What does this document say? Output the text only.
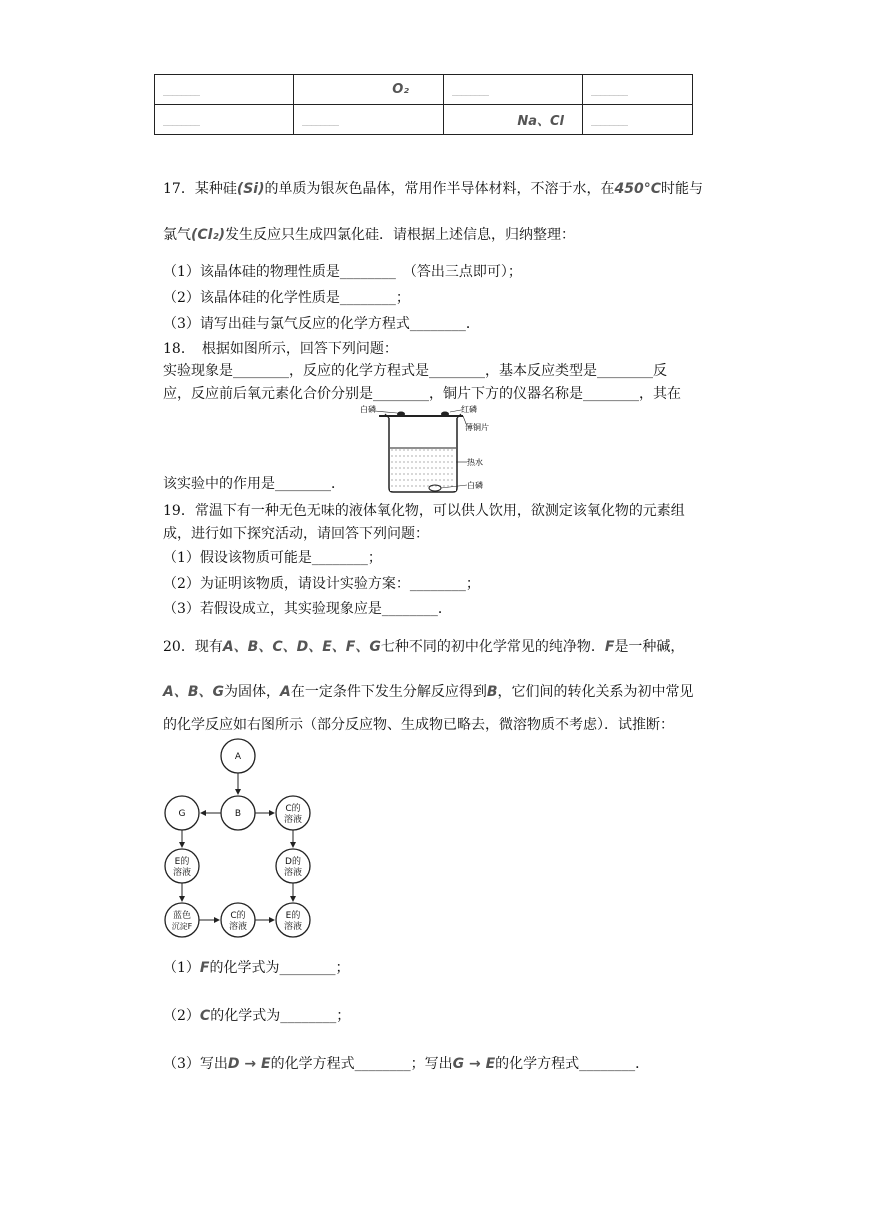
________	O₂	________	________
________	________	Na、Cl	________
17．某种硅(Si)的单质为银灰色晶体，常用作半导体材料，不溶于水，在450°C时能与
氯气(Cl₂)发生反应只生成四氯化硅．请根据上述信息，归纳整理：
（1）该晶体硅的物理性质是________　（答出三点即可）；
（2）该晶体硅的化学性质是________；
（3）请写出硅与氯气反应的化学方程式________．
18．　根据如图所示，回答下列问题：
实验现象是________，反应的化学方程式是________，基本反应类型是________反
应，反应前后氧元素化合价分别是________，铜片下方的仪器名称是________，其在
该实验中的作用是________．
白磷	红磷
薄铜片
热水
白磷
19．常温下有一种无色无味的液体氧化物，可以供人饮用，欲测定该氧化物的元素组
成，进行如下探究活动，请回答下列问题：
（1）假设该物质可能是________；
（2）为证明该物质，请设计实验方案：________；
（3）若假设成立，其实验现象应是________．
20．现有A、B、C、D、E、F、G七种不同的初中化学常见的纯净物．F是一种碱，
A、B、G为固体，A在一定条件下发生分解反应得到B，它们间的转化关系为初中常见
的化学反应如右图所示（部分反应物、生成物已略去，微溶物质不考虑）．试推断：
A
B
G	C的
溶液
E的
溶液
D的
溶液
蓝色
沉淀F
C的
溶液
E的
溶液
（1）F的化学式为________；
（2）C的化学式为________；
（3）写出D → E的化学方程式________；写出G → E的化学方程式________．
